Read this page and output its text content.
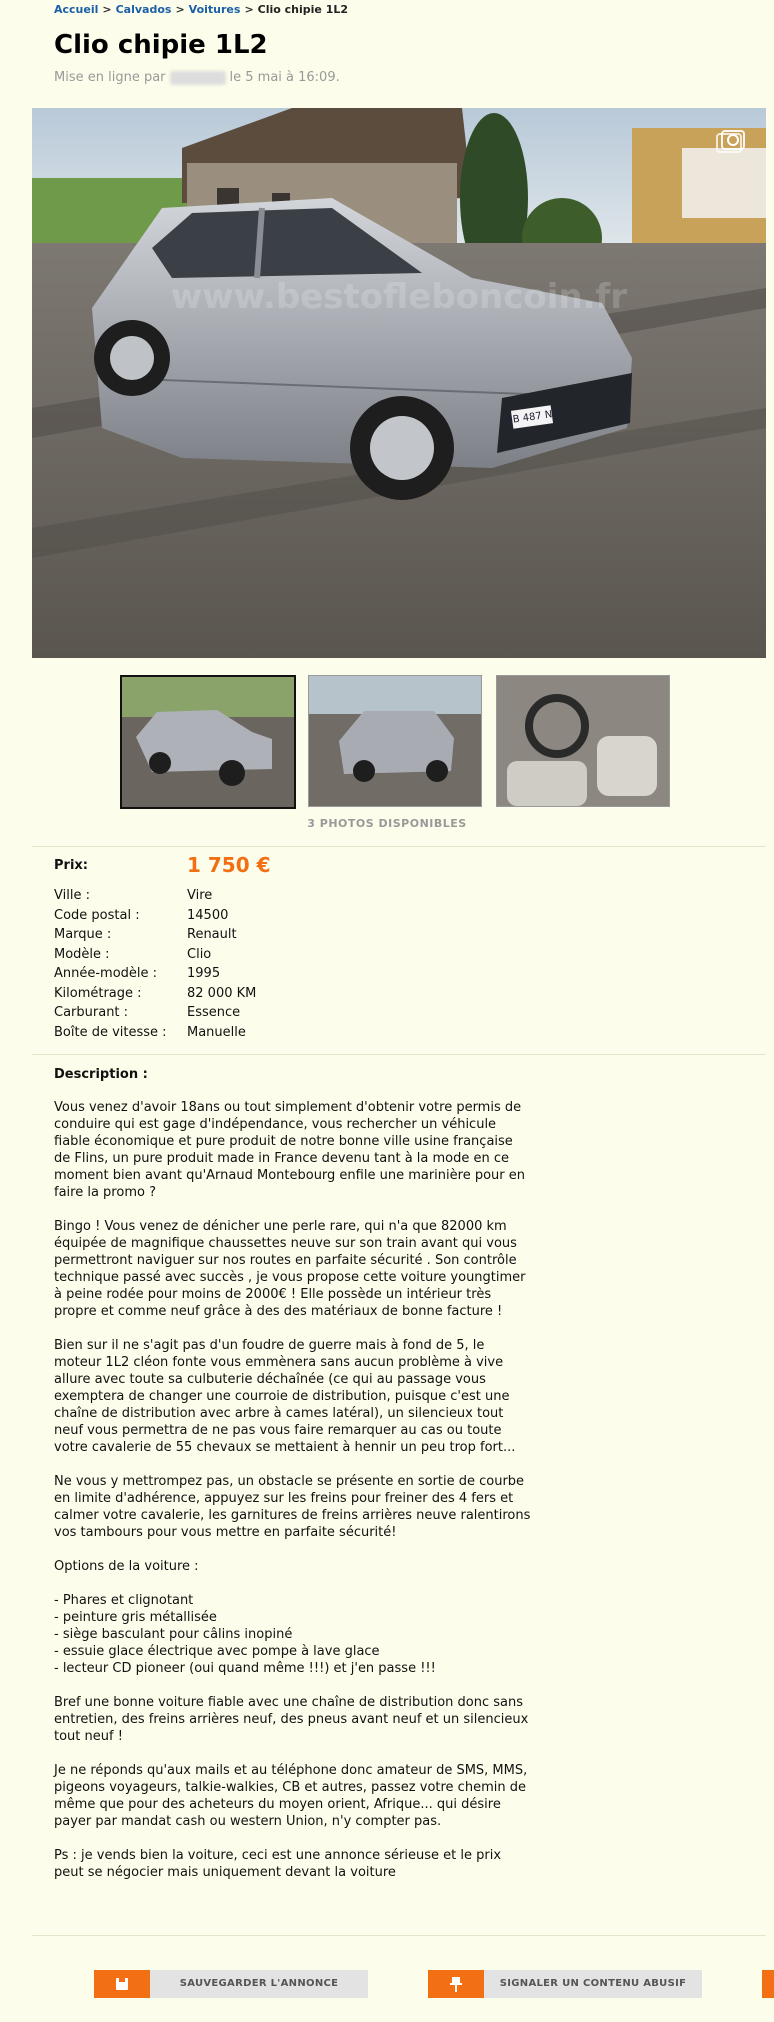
Accueil > Calvados > Voitures > Clio chipie 1L2
Clio chipie 1L2
Mise en ligne par	le 5 mai à 16:09.
BB 487 NF
www.bestofleboncoin.fr
3 PHOTOS DISPONIBLES
Prix:	1 750 €
Ville :	Vire
Code postal :	14500
Marque :	Renault
Modèle :	Clio
Année-modèle :	1995
Kilométrage :	82 000 KM
Carburant :	Essence
Boîte de vitesse :	Manuelle
Description :
Vous venez d'avoir 18ans ou tout simplement d'obtenir votre permis de conduire qui est gage d'indépendance, vous rechercher un véhicule fiable économique et pure produit de notre bonne ville usine française de Flins, un pure produit made in France devenu tant à la mode en ce moment bien avant qu'Arnaud Montebourg enfile une marinière pour en faire la promo ?

Bingo ! Vous venez de dénicher une perle rare, qui n'a que 82000 km équipée de magnifique chaussettes neuve sur son train avant qui vous permettront naviguer sur nos routes en parfaite sécurité . Son contrôle technique passé avec succès , je vous propose cette voiture youngtimer à peine rodée pour moins de 2000€ ! Elle possède un intérieur très propre et comme neuf grâce à des des matériaux de bonne facture !

Bien sur il ne s'agit pas d'un foudre de guerre mais à fond de 5, le moteur 1L2 cléon fonte vous emmènera sans aucun problème à vive allure avec toute sa culbuterie déchaînée (ce qui au passage vous exemptera de changer une courroie de distribution, puisque c'est une chaîne de distribution avec arbre à cames latéral), un silencieux tout neuf vous permettra de ne pas vous faire remarquer au cas ou toute votre cavalerie de 55 chevaux se mettaient à hennir un peu trop fort...

Ne vous y mettrompez pas, un obstacle se présente en sortie de courbe en limite d'adhérence, appuyez sur les freins pour freiner des 4 fers et calmer votre cavalerie, les garnitures de freins arrières neuve ralentirons vos tambours pour vous mettre en parfaite sécurité!

Options de la voiture :

- Phares et clignotant
- peinture gris métallisée
- siège basculant pour câlins inopiné
- essuie glace électrique avec pompe à lave glace
- lecteur CD pioneer (oui quand même !!!) et j'en passe !!!

Bref une bonne voiture fiable avec une chaîne de distribution donc sans entretien, des freins arrières neuf, des pneus avant neuf et un silencieux tout neuf !

Je ne réponds qu'aux mails et au téléphone donc amateur de SMS, MMS, pigeons voyageurs, talkie-walkies, CB et autres, passez votre chemin de même que pour des acheteurs du moyen orient, Afrique... qui désire payer par mandat cash ou western Union, n'y compter pas.

Ps : je vends bien la voiture, ceci est une annonce sérieuse et le prix peut se négocier mais uniquement devant la voiture
SAUVEGARDER L'ANNONCE	SIGNALER UN CONTENU ABUSIF
